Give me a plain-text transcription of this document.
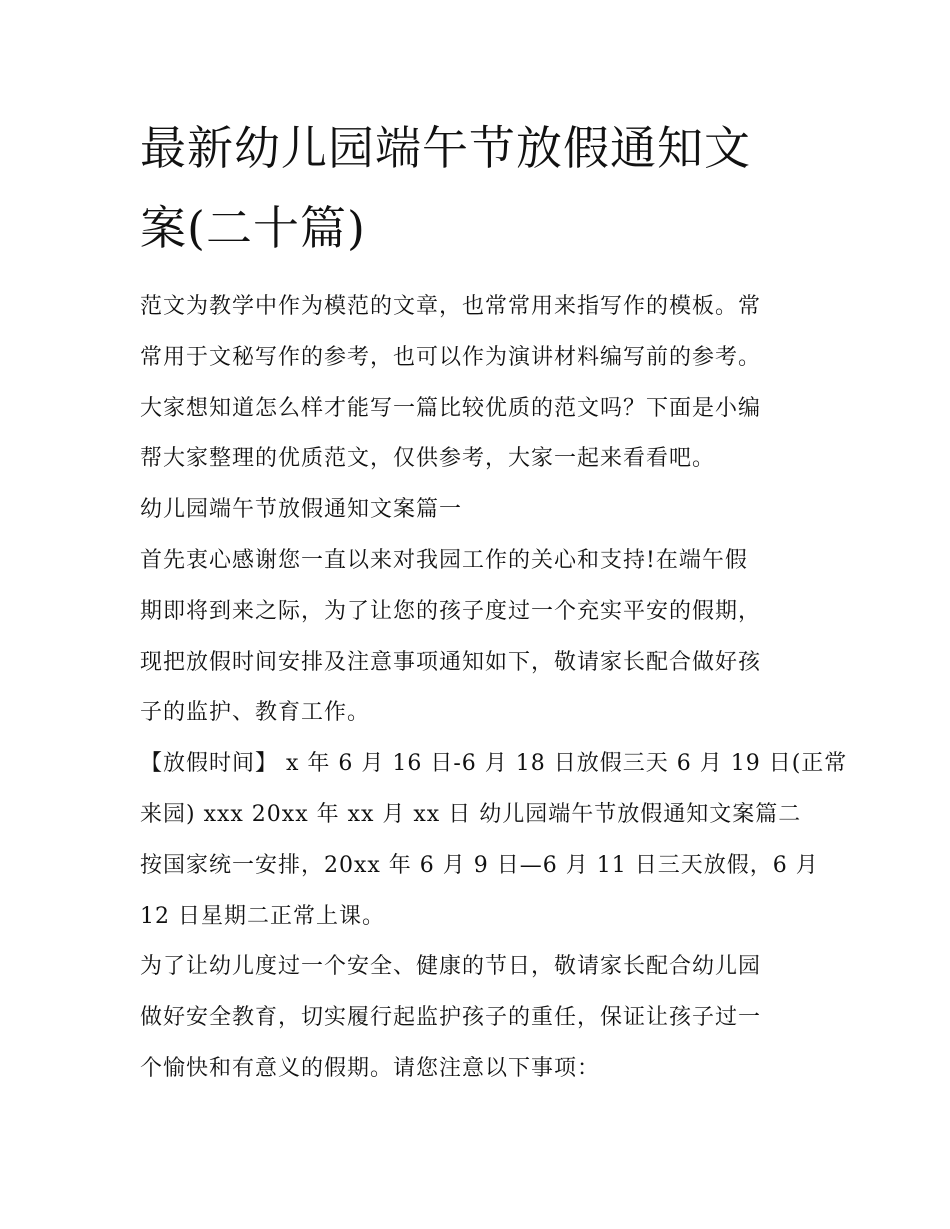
最新幼儿园端午节放假通知文
案(二十篇)
范文为教学中作为模范的文章，也常常用来指写作的模板。常
常用于文秘写作的参考，也可以作为演讲材料编写前的参考。
大家想知道怎么样才能写一篇比较优质的范文吗？下面是小编
帮大家整理的优质范文，仅供参考，大家一起来看看吧。
幼儿园端午节放假通知文案篇一
首先衷心感谢您一直以来对我园工作的关心和支持!在端午假
期即将到来之际，为了让您的孩子度过一个充实平安的假期，
现把放假时间安排及注意事项通知如下，敬请家长配合做好孩
子的监护、教育工作。
【放假时间】 x 年 6 月 16 日-6 月 18 日放假三天 6 月 19 日(正常
来园) xxx 20xx 年 xx 月 xx 日 幼儿园端午节放假通知文案篇二
按国家统一安排，20xx 年 6 月 9 日—6 月 11 日三天放假，6 月
12 日星期二正常上课。
为了让幼儿度过一个安全、健康的节日，敬请家长配合幼儿园
做好安全教育，切实履行起监护孩子的重任，保证让孩子过一
个愉快和有意义的假期。请您注意以下事项：
